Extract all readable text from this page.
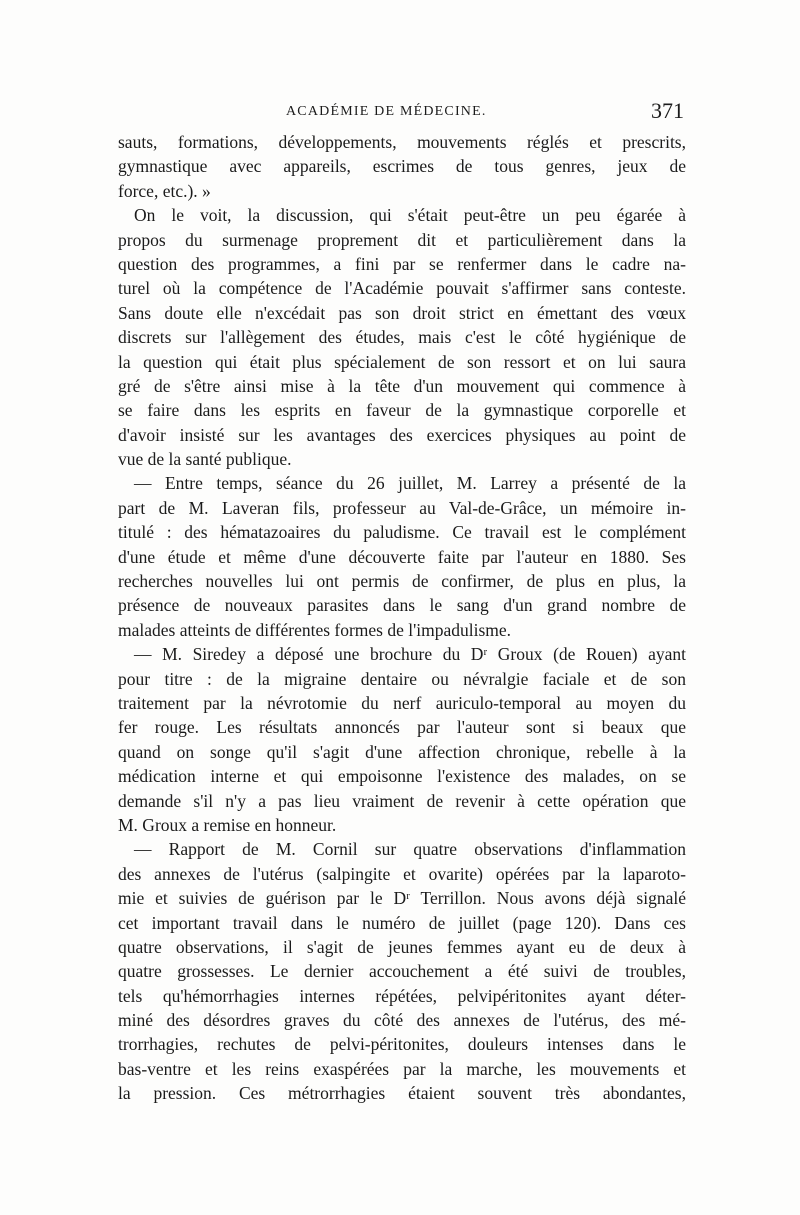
ACADÉMIE DE MÉDECINE.	371
sauts, formations, développements, mouvements réglés et prescrits,
gymnastique avec appareils, escrimes de tous genres, jeux de
force, etc.). »
On le voit, la discussion, qui s'était peut-être un peu égarée à
propos du surmenage proprement dit et particulièrement dans la
question des programmes, a fini par se renfermer dans le cadre na-
turel où la compétence de l'Académie pouvait s'affirmer sans conteste.
Sans doute elle n'excédait pas son droit strict en émettant des vœux
discrets sur l'allègement des études, mais c'est le côté hygiénique de
la question qui était plus spécialement de son ressort et on lui saura
gré de s'être ainsi mise à la tête d'un mouvement qui commence à
se faire dans les esprits en faveur de la gymnastique corporelle et
d'avoir insisté sur les avantages des exercices physiques au point de
vue de la santé publique.
— Entre temps, séance du 26 juillet, M. Larrey a présenté de la
part de M. Laveran fils, professeur au Val-de-Grâce, un mémoire in-
titulé : des hématazoaires du paludisme. Ce travail est le complément
d'une étude et même d'une découverte faite par l'auteur en 1880. Ses
recherches nouvelles lui ont permis de confirmer, de plus en plus, la
présence de nouveaux parasites dans le sang d'un grand nombre de
malades atteints de différentes formes de l'impadulisme.
— M. Siredey a déposé une brochure du Dʳ Groux (de Rouen) ayant
pour titre : de la migraine dentaire ou névralgie faciale et de son
traitement par la névrotomie du nerf auriculo-temporal au moyen du
fer rouge. Les résultats annoncés par l'auteur sont si beaux que
quand on songe qu'il s'agit d'une affection chronique, rebelle à la
médication interne et qui empoisonne l'existence des malades, on se
demande s'il n'y a pas lieu vraiment de revenir à cette opération que
M. Groux a remise en honneur.
— Rapport de M. Cornil sur quatre observations d'inflammation
des annexes de l'utérus (salpingite et ovarite) opérées par la laparoto-
mie et suivies de guérison par le Dʳ Terrillon. Nous avons déjà signalé
cet important travail dans le numéro de juillet (page 120). Dans ces
quatre observations, il s'agit de jeunes femmes ayant eu de deux à
quatre grossesses. Le dernier accouchement a été suivi de troubles,
tels qu'hémorrhagies internes répétées, pelvipéritonites ayant déter-
miné des désordres graves du côté des annexes de l'utérus, des mé-
trorrhagies, rechutes de pelvi-péritonites, douleurs intenses dans le
bas-ventre et les reins exaspérées par la marche, les mouvements et
la pression. Ces métrorrhagies étaient souvent très abondantes,
